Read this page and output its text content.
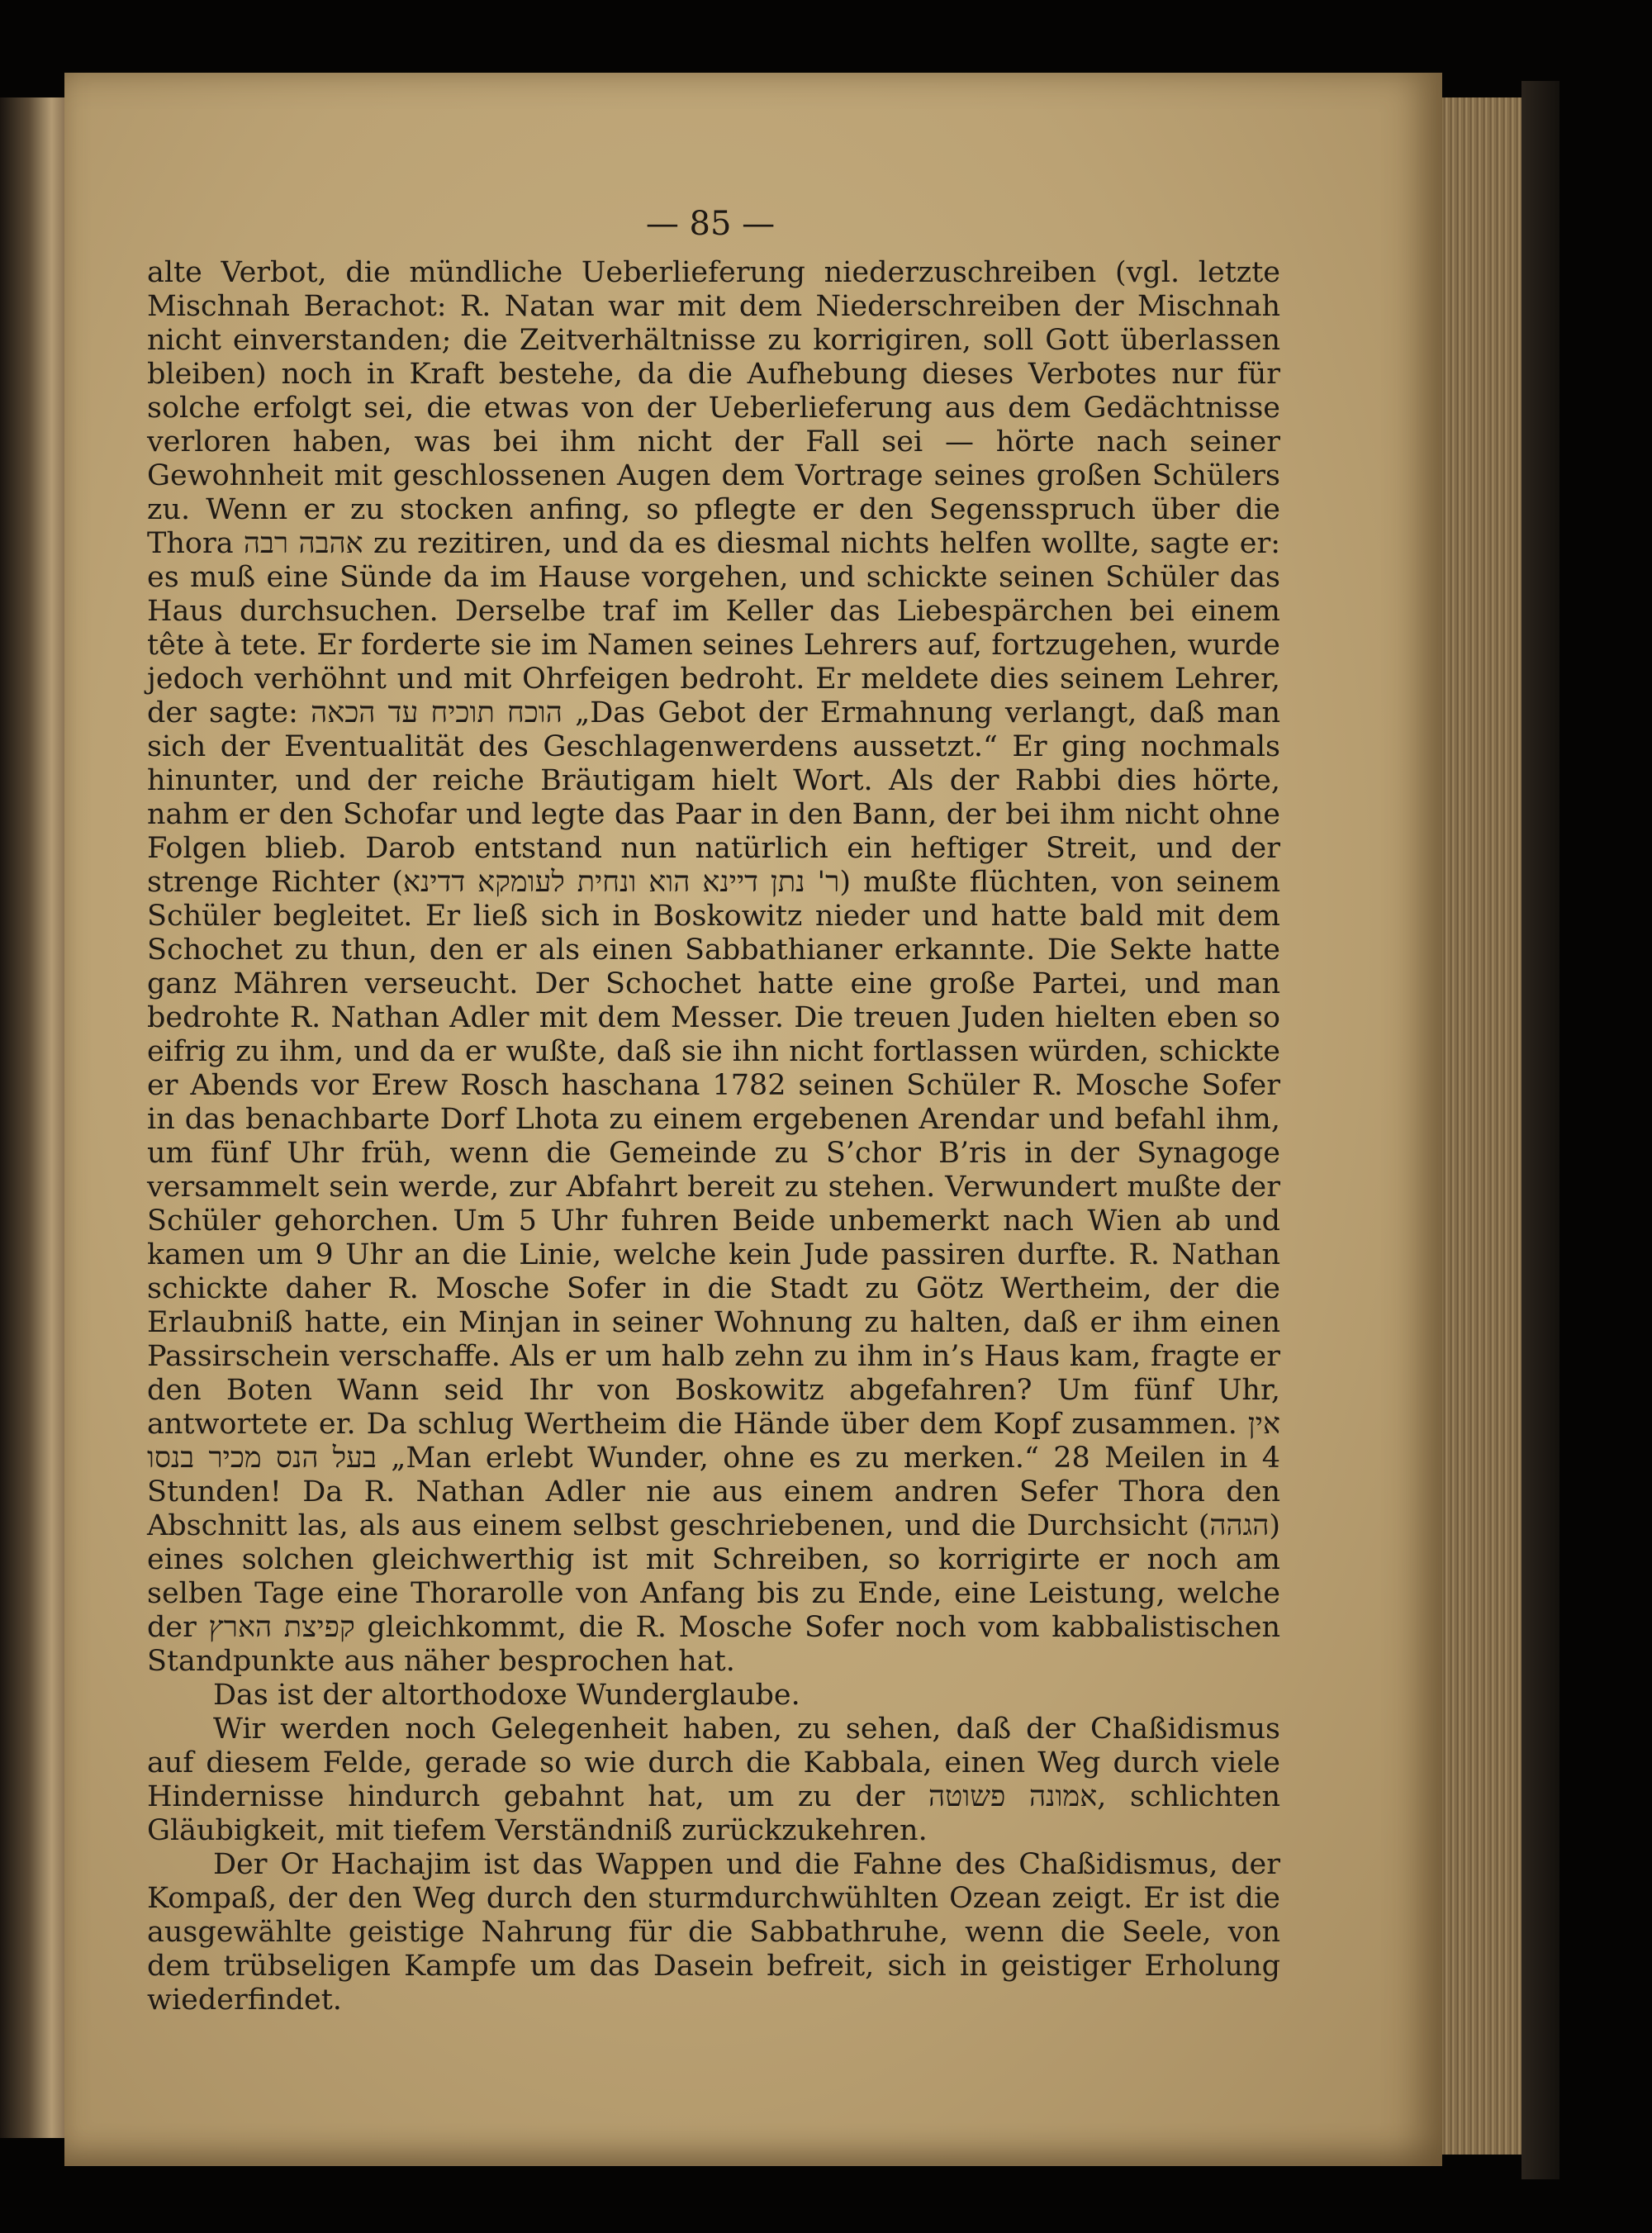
— 85 —

alte Verbot, die mündliche Ueberlieferung niederzuschreiben (vgl. letzte Mischnah Berachot: R. Natan war mit dem Niederschreiben der Mischnah nicht einverstanden; die Zeitverhältnisse zu korrigiren, soll Gott überlassen bleiben) noch in Kraft bestehe, da die Aufhebung dieses Verbotes nur für solche erfolgt sei, die etwas von der Ueberlieferung aus dem Gedächtnisse verloren haben, was bei ihm nicht der Fall sei — hörte nach seiner Gewohnheit mit geschlossenen Augen dem Vortrage seines großen Schülers zu. Wenn er zu stocken anfing, so pflegte er den Segensspruch über die Thora אהבה רבה zu rezitiren, und da es diesmal nichts helfen wollte, sagte er: es muß eine Sünde da im Hause vorgehen, und schickte seinen Schüler das Haus durchsuchen. Derselbe traf im Keller das Liebespärchen bei einem tête à tete. Er forderte sie im Namen seines Lehrers auf, fortzugehen, wurde jedoch verhöhnt und mit Ohrfeigen bedroht. Er meldete dies seinem Lehrer, der sagte: הוכח תוכיח עד הכאה „Das Gebot der Ermahnung verlangt, daß man sich der Eventualität des Geschlagenwerdens aussetzt.“ Er ging nochmals hinunter, und der reiche Bräutigam hielt Wort. Als der Rabbi dies hörte, nahm er den Schofar und legte das Paar in den Bann, der bei ihm nicht ohne Folgen blieb. Darob entstand nun natürlich ein heftiger Streit, und der strenge Richter (ר' נתן דיינא הוא ונחית לעומקא דדינא) mußte flüchten, von seinem Schüler begleitet. Er ließ sich in Boskowitz nieder und hatte bald mit dem Schochet zu thun, den er als einen Sabbathianer erkannte. Die Sekte hatte ganz Mähren verseucht. Der Schochet hatte eine große Partei, und man bedrohte R. Nathan Adler mit dem Messer. Die treuen Juden hielten eben so eifrig zu ihm, und da er wußte, daß sie ihn nicht fortlassen würden, schickte er Abends vor Erew Rosch haschana 1782 seinen Schüler R. Mosche Sofer in das benachbarte Dorf Lhota zu einem ergebenen Arendar und befahl ihm, um fünf Uhr früh, wenn die Gemeinde zu S’chor B’ris in der Synagoge versammelt sein werde, zur Abfahrt bereit zu stehen. Verwundert mußte der Schüler gehorchen. Um 5 Uhr fuhren Beide unbemerkt nach Wien ab und kamen um 9 Uhr an die Linie, welche kein Jude passiren durfte. R. Nathan schickte daher R. Mosche Sofer in die Stadt zu Götz Wertheim, der die Erlaubniß hatte, ein Minjan in seiner Wohnung zu halten, daß er ihm einen Passirschein verschaffe. Als er um halb zehn zu ihm in’s Haus kam, fragte er den Boten Wann seid Ihr von Boskowitz abgefahren? Um fünf Uhr, antwortete er. Da schlug Wertheim die Hände über dem Kopf zusammen. אין בעל הנס מכיר בנסו „Man erlebt Wunder, ohne es zu merken.“ 28 Meilen in 4 Stunden! Da R. Nathan Adler nie aus einem andren Sefer Thora den Abschnitt las, als aus einem selbst geschriebenen, und die Durchsicht (הגהה) eines solchen gleichwerthig ist mit Schreiben, so korrigirte er noch am selben Tage eine Thorarolle von Anfang bis zu Ende, eine Leistung, welche der קפיצת הארץ gleichkommt, die R. Mosche Sofer noch vom kabbalistischen Standpunkte aus näher besprochen hat.

Das ist der altorthodoxe Wunderglaube.

Wir werden noch Gelegenheit haben, zu sehen, daß der Chaßidismus auf diesem Felde, gerade so wie durch die Kabbala, einen Weg durch viele Hindernisse hindurch gebahnt hat, um zu der אמונה פשוטה, schlichten Gläubigkeit, mit tiefem Verständniß zurückzukehren.

Der Or Hachajim ist das Wappen und die Fahne des Chaßidismus, der Kompaß, der den Weg durch den sturmdurchwühlten Ozean zeigt. Er ist die ausgewählte geistige Nahrung für die Sabbathruhe, wenn die Seele, von dem trübseligen Kampfe um das Dasein befreit, sich in geistiger Erholung wiederfindet.
